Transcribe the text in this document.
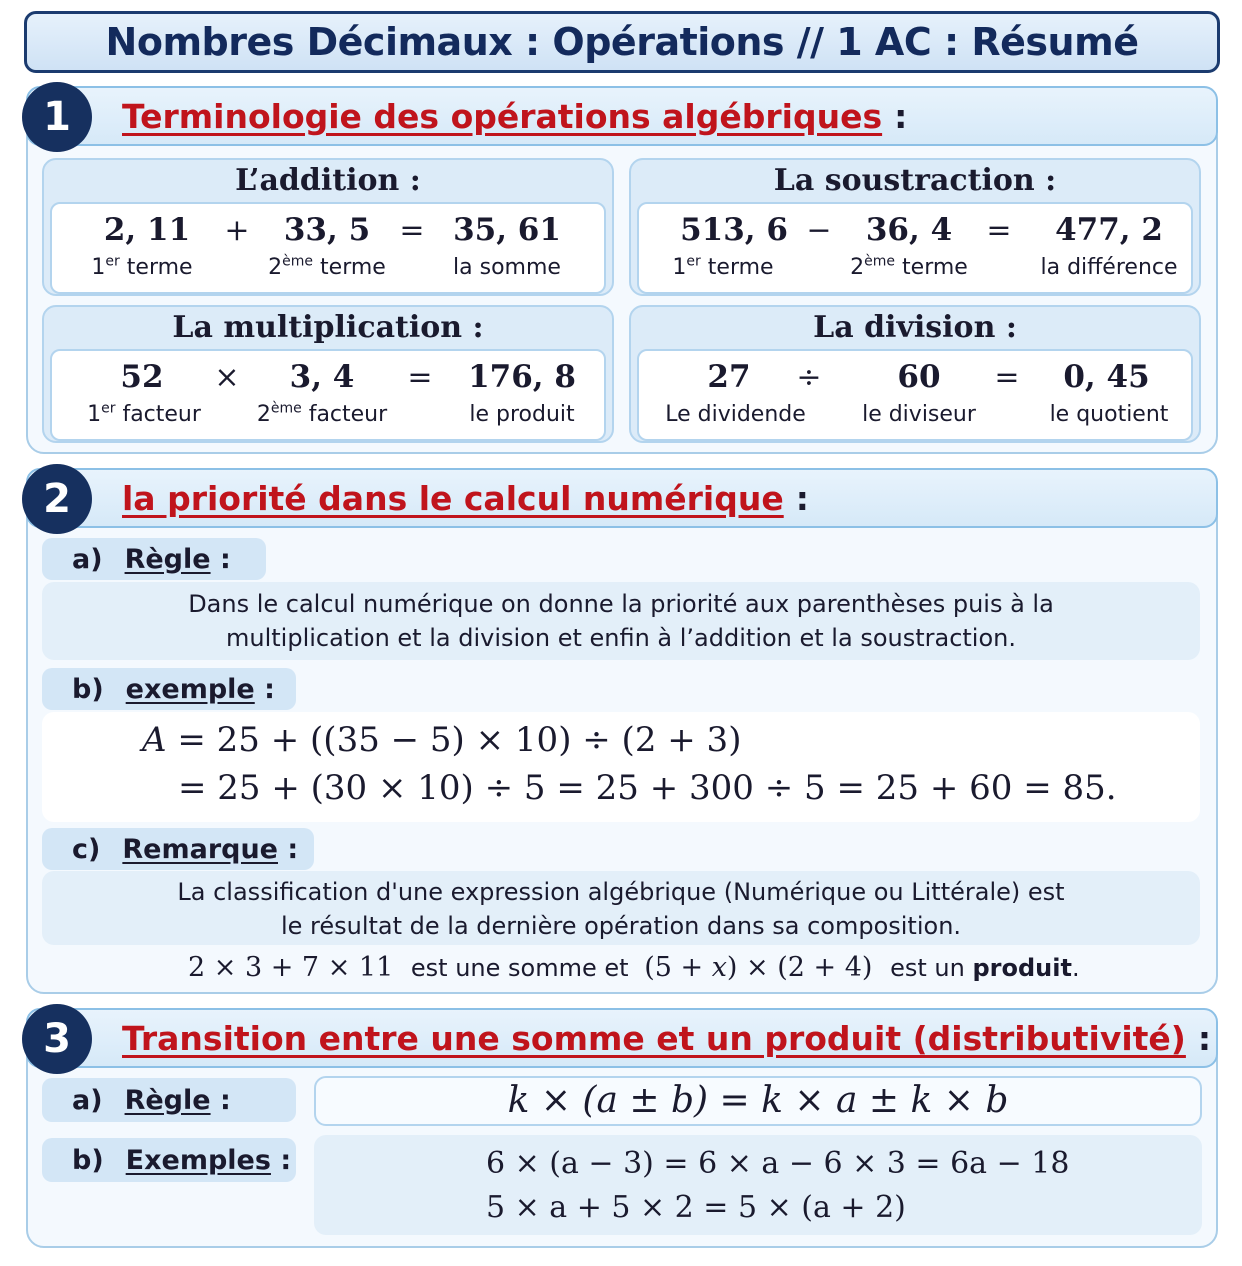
Nombres Décimaux : Opérations // 1 AC : Résumé
Terminologie des opérations algébriques :
1
L’addition :
2, 11	+	33, 5 = 35, 61
1er terme	2ème terme	la somme
La soustraction :
513, 6 −	36, 4	=	477, 2
1er terme	2ème terme	la différence
La multiplication :
52	×	3, 4	=	176, 8
1er facteur	2ème facteur	le produit
La division :
27	÷	60	=	0, 45
Le dividende	le diviseur	le quotient
la priorité dans le calcul numérique :
2
a) Règle
:
Dans le calcul numérique on donne la priorité aux parenthèses puis à la
multiplication et la division et enfin à l’addition et la soustraction.
b) exemple
:
A = 25 + ((35 − 5) × 10) ÷ (2 + 3)
= 25 + (30 × 10) ÷ 5 = 25 + 300 ÷ 5 = 25 + 60 = 85.
c) Remarque
:
La classification d'une expression algébrique (Numérique ou Littérale) est
le résultat de la dernière opération dans sa composition.
2 × 3 + 7 × 11 est une somme et (5 + x) × (2 + 4) est un produit.
Transition entre une somme et un produit (distributivité) :
3
a) Règle
:	k × (a ± b) = k × a ± k × b
b) Exemples
:	6 × (a − 3) = 6 × a − 6 × 3 = 6a − 18
5 × a + 5 × 2 = 5 × (a + 2)
